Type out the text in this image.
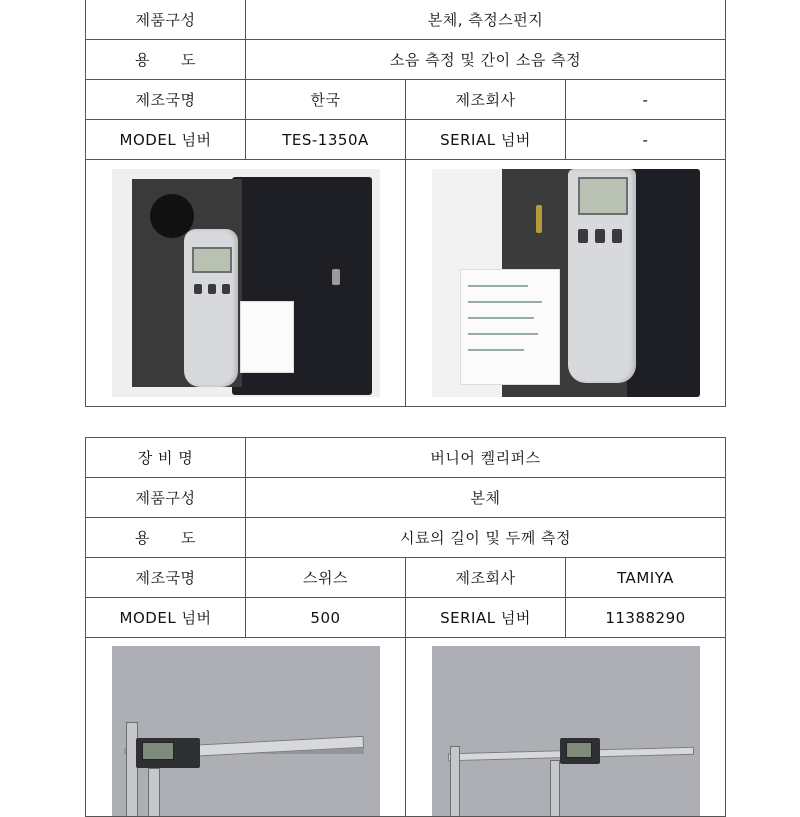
제품구성	본체, 측정스펀지		
용　　도	소음 측정 및 간이 소음 측정		
제조국명	한국	제조회사	-
MODEL 넘버	TES-1350A	SERIAL 넘버	-

장 비 명	버니어 켈리퍼스		
제품구성	본체		
용　　도	시료의 길이 및 두께 측정		
제조국명	스위스	제조회사	TAMIYA
MODEL 넘버	500	SERIAL 넘버	11388290
